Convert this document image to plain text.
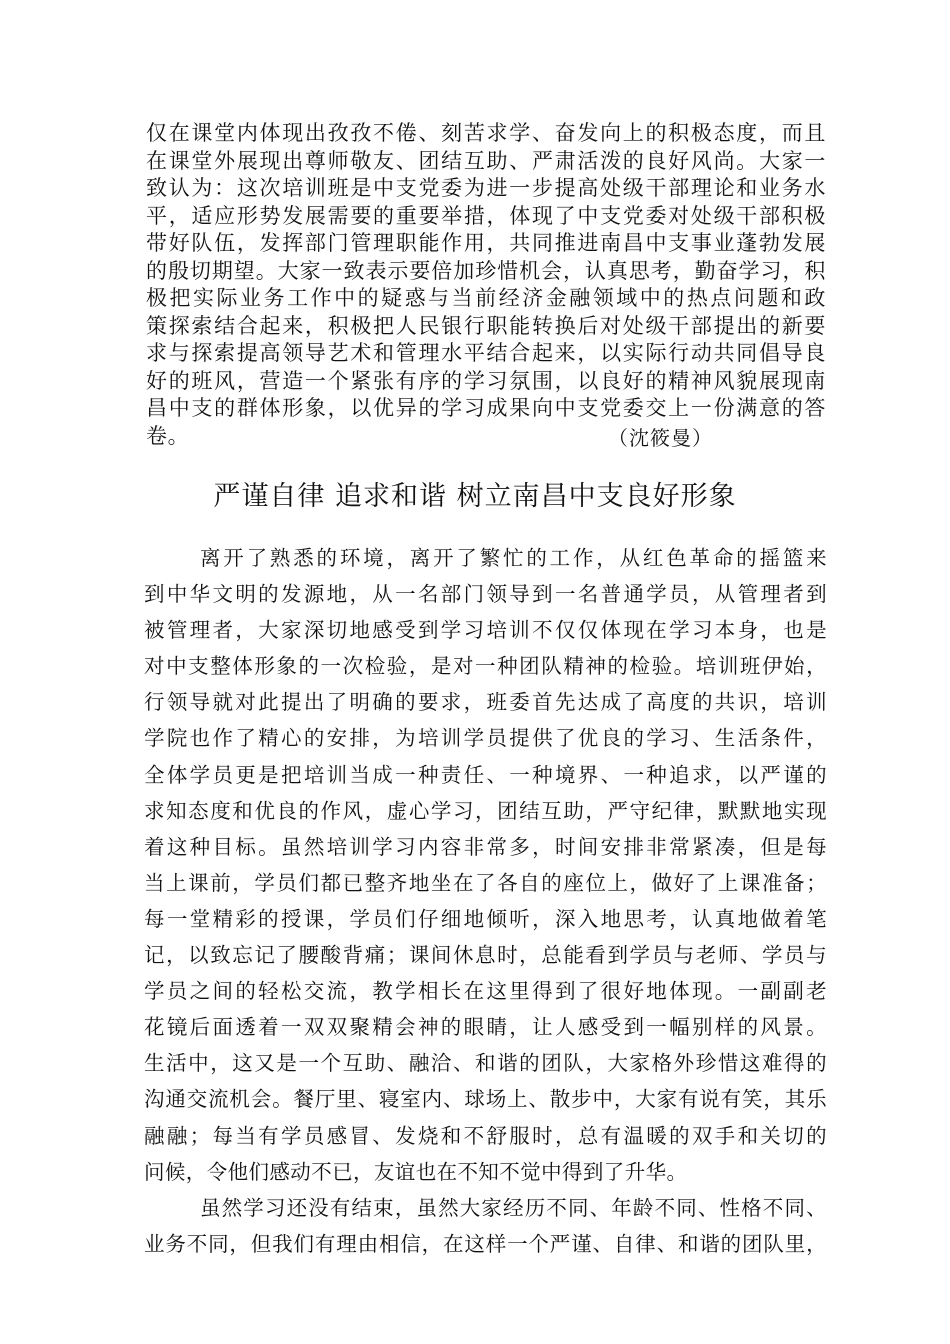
仅在课堂内体现出孜孜不倦、刻苦求学、奋发向上的积极态度，而且
在课堂外展现出尊师敬友、团结互助、严肃活泼的良好风尚。大家一
致认为：这次培训班是中支党委为进一步提高处级干部理论和业务水
平，适应形势发展需要的重要举措，体现了中支党委对处级干部积极
带好队伍，发挥部门管理职能作用，共同推进南昌中支事业蓬勃发展
的殷切期望。大家一致表示要倍加珍惜机会，认真思考，勤奋学习，积
极把实际业务工作中的疑惑与当前经济金融领域中的热点问题和政
策探索结合起来，积极把人民银行职能转换后对处级干部提出的新要
求与探索提高领导艺术和管理水平结合起来，以实际行动共同倡导良
好的班风，营造一个紧张有序的学习氛围，以良好的精神风貌展现南
昌中支的群体形象，以优异的学习成果向中支党委交上一份满意的答
卷。	（沈筱曼）
严谨自律 追求和谐 树立南昌中支良好形象
离开了熟悉的环境，离开了繁忙的工作，从红色革命的摇篮来
到中华文明的发源地，从一名部门领导到一名普通学员，从管理者到
被管理者，大家深切地感受到学习培训不仅仅体现在学习本身，也是
对中支整体形象的一次检验，是对一种团队精神的检验。培训班伊始，
行领导就对此提出了明确的要求，班委首先达成了高度的共识，培训
学院也作了精心的安排，为培训学员提供了优良的学习、生活条件，
全体学员更是把培训当成一种责任、一种境界、一种追求，以严谨的
求知态度和优良的作风，虚心学习，团结互助，严守纪律，默默地实现
着这种目标。虽然培训学习内容非常多，时间安排非常紧凑，但是每
当上课前，学员们都已整齐地坐在了各自的座位上，做好了上课准备；
每一堂精彩的授课，学员们仔细地倾听，深入地思考，认真地做着笔
记，以致忘记了腰酸背痛；课间休息时，总能看到学员与老师、学员与
学员之间的轻松交流，教学相长在这里得到了很好地体现。一副副老
花镜后面透着一双双聚精会神的眼睛，让人感受到一幅别样的风景。
生活中，这又是一个互助、融洽、和谐的团队，大家格外珍惜这难得的
沟通交流机会。餐厅里、寝室内、球场上、散步中，大家有说有笑，其乐
融融；每当有学员感冒、发烧和不舒服时，总有温暖的双手和关切的
问候，令他们感动不已，友谊也在不知不觉中得到了升华。
虽然学习还没有结束，虽然大家经历不同、年龄不同、性格不同、
业务不同，但我们有理由相信，在这样一个严谨、自律、和谐的团队里，
